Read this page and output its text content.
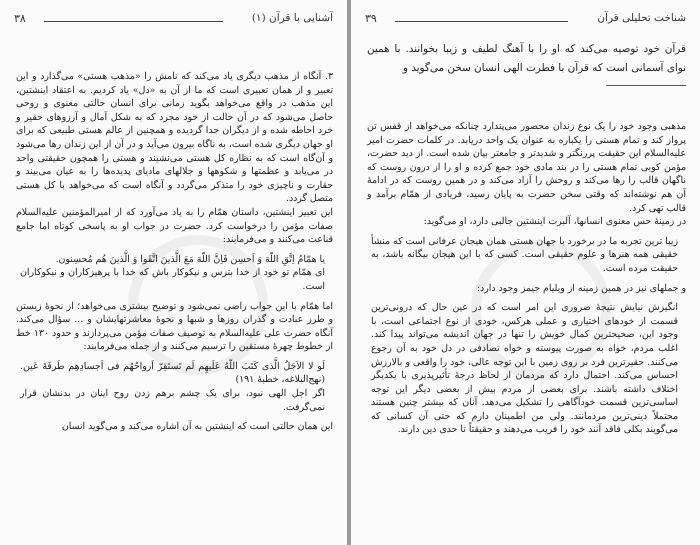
۳۸	آشنایی با قرآن (۱)

۳. آنگاه از مذهب دیگری یاد می‌کند که نامش را «مذهب هستی» می‌گذارد و این تعبیر و از همان تعبیری است که ما از آن به «دل» یاد کردیم. به اعتقاد اینشتین، این مذهب در واقع می‌خواهد بگوید زمانی برای انسان حالتی معنوی و روحی حاصل می‌شود که در آن حالت از خود مجرد که به شکل آمال و آرزوهای حقیر و خرد احاطه شده و از دیگران جدا گردیده و همچنین از عالم هستی طبیعی که برای او جهان دیگری شده است، به ناگاه بیرون می‌آید و در آن از این زندان رها می‌شود و آن‌گاه است که به نظاره کل هستی می‌نشیند و هستی را همچون حقیقتی واحد در می‌یابد و عظمتها و شکوهها و جلالهای مادیای پدیده‌ها را به عیان می‌بیند و حقارت و ناچیزی خود را متذکر می‌گردد و آنگاه است که می‌خواهد با کل هستی متصل گردد.

این تعبیر اینشتین، داستان همّام را به یاد می‌آورد که از امیرالمؤمنین علیه‌السلام صفات مؤمن را درخواست کرد. حضرت در جواب او به پاسخی کوتاه اما جامع قناعت می‌کنند و می‌فرمایند:

یا همّامُ اِتَّقِ اللّهَ وَ اَحسِن فَاِنَّ اللّهَ مَعَ الَّذینَ اتَّقَوا وَ الَّذینَ هُم مُحسِنون.

ای همّام تو خود از خدا بترس و نیکوکار باش که خدا با پرهیزکاران و نیکوکاران است.

اما همّام با این جواب راضی نمی‌شود و توضیح بیشتری می‌خواهد؛ از نحوۀ زیستن و طرز عبادت و گذران روزها و شبها و نحوۀ معاشرتهایشان و ... سؤال می‌کند. آنگاه حضرت علی علیه‌السلام به توصیف صفات مؤمن می‌پردازند و حدود ۱۳۰ خط از خطوط چهرۀ مستقین را ترسیم می‌کنند و از جمله می‌فرمایند:

لَو لا الاَجَلُ الَّذی کَتَبَ اللّهُ عَلَیهِم لَم تَستَقِرّ اَرواحُهُم فی اَجسادِهِم طَرفَةَ عَین. (نهج‌البلاغه، خطبۀ ۱۹۱)

اگر اجل الهی نبود، برای یک چشم برهم زدن روح اینان در بدنشان قرار نمی‌گرفت.

این همان حالتی است که اینشتین به آن اشاره می‌کند و می‌گوید انسان

۳۹	شناخت تحلیلی قرآن

قرآن خود توصیه می‌کند که او را با آهنگ لطیف و زیبا بخوانند. با همین نوای آسمانی است که قرآن با فطرت الهی انسان سخن می‌گوید و

مذهبی وجود خود را یک نوع زندان محصور می‌پندارد چنانکه می‌خواهد از قفس تن پرواز کند و تمام هستی را یکباره به عنوان یک واحد دریابد. در کلمات حضرت امیر علیه‌السلام این حقیقت پررنگتر و شدیدتر و جامعتر بیان شده است. از دید حضرت، مؤمن کوبی تمام هستی را در بند مادی خود جمع کرده و او را از درون روست که ناگهان قالب را رها می‌کند و روحش را آزاد می‌کند و در همین روست که در ادامۀ آن هم نوشته‌اند که وقتی سخن حضرت به پایان رسید، فریادی از همّام برآمد و قالب تهی کرد.

در زمینۀ حس معنوی انسانها، آلبرت اینشتین جالبی دارد، او می‌گوید:

زیبا ترین تجربه ما در برخورد با جهان هستی همان هیجان عرفانی است که منشأ حقیقی همه هنرها و علوم حقیقی است. کسی که با این هیجان بیگانه باشد، به حقیقت مرده است.

و جملهای نیز در همین زمینه از ویلیام جیمز وجود دارد:

انگیزش نیایش نتیجۀ ضروری این امر است که در عین حال که درونی‌ترین قسمت از خودهای اختیاری و عملی هرکس، خودی از نوع اجتماعی است، با وجود این، صحیحترین کمال خویش را تنها در جهان اندیشه می‌تواند پیدا کند. اغلب مردم، خواه به صورت پیوسته و خواه تصادفی در دل خود به آن رجوع می‌کنند. حقیرترین فرد بر روی زمین با این توجه عالی، خود را واقعی و بالارزش احساس می‌کند. احتمال دارد که مردمان از لحاظ درجۀ تأثیرپذیری با یکدیگر اختلاف داشته باشند. برای بعضی از مردم بیش از بعضی دیگر این توجه اساسی‌ترین قسمت خودآگاهی را تشکیل می‌دهد. آنان که بیشتر چنین هستند محتملاً دینی‌ترین مردمانند. ولی من اطمینان دارم که حتی آن کسانی که می‌گویند بکلی فاقد آنند خود را فریب می‌دهند و حقیقتاً تا حدی دین دارند.
